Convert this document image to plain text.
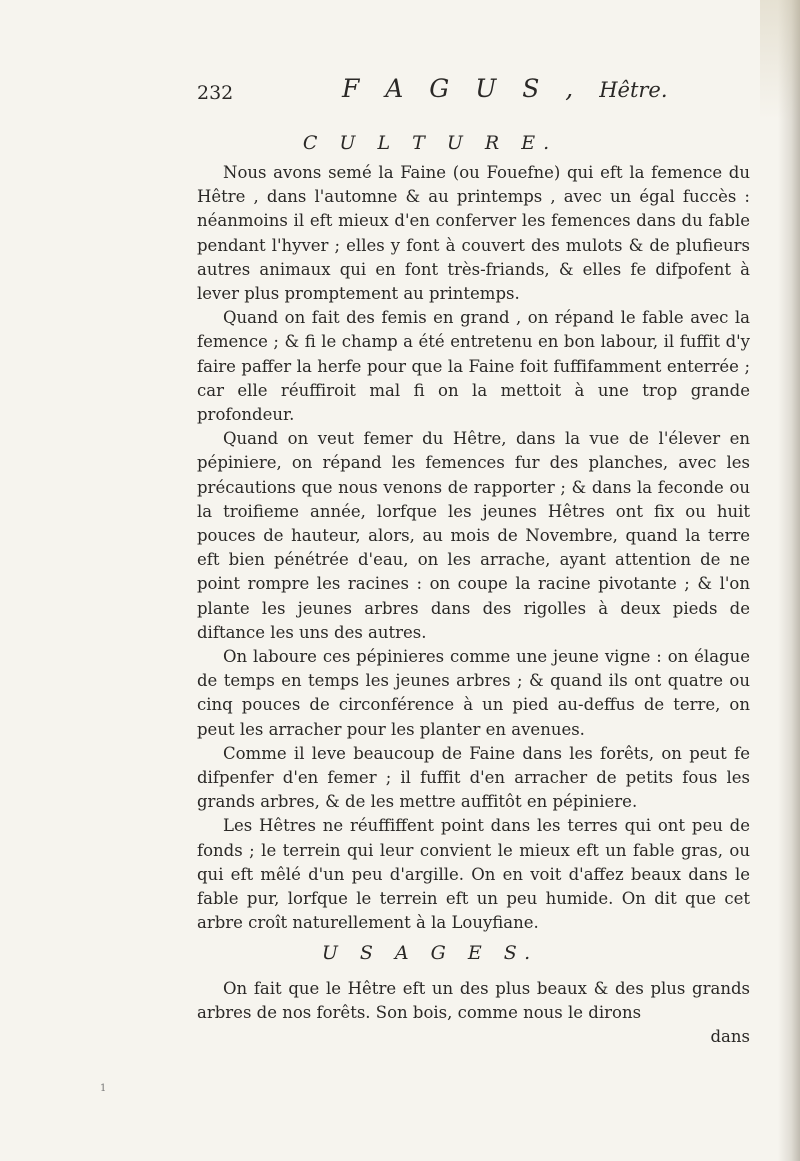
232	F A G U S , Hêtre.
C U L T U R E.

Nous avons semé la Faine (ou Fouefne) qui eft la femence du Hêtre , dans l'automne & au printemps , avec un égal fuccès : néanmoins il eft mieux d'en conferver les femences dans du fable pendant l'hyver ; elles y font à couvert des mulots & de plufieurs autres animaux qui en font très-friands, & elles fe difpofent à lever plus promptement au printemps.

Quand on fait des femis en grand , on répand le fable avec la femence ; & fi le champ a été entretenu en bon labour, il fuffit d'y faire paffer la herfe pour que la Faine foit fuffifamment enterrée ; car elle réuffiroit mal fi on la mettoit à une trop grande profondeur.

Quand on veut femer du Hêtre, dans la vue de l'élever en pépiniere, on répand les femences fur des planches, avec les précautions que nous venons de rapporter ; & dans la feconde ou la troifieme année, lorfque les jeunes Hêtres ont fix ou huit pouces de hauteur, alors, au mois de Novembre, quand la terre eft bien pénétrée d'eau, on les arrache, ayant attention de ne point rompre les racines : on coupe la racine pivotante ; & l'on plante les jeunes arbres dans des rigolles à deux pieds de diftance les uns des autres.

On laboure ces pépinieres comme une jeune vigne : on élague de temps en temps les jeunes arbres ; & quand ils ont quatre ou cinq pouces de circonférence à un pied au-deffus de terre, on peut les arracher pour les planter en avenues.

Comme il leve beaucoup de Faine dans les forêts, on peut fe difpenfer d'en femer ; il fuffit d'en arracher de petits fous les grands arbres, & de les mettre auffitôt en pépiniere.

Les Hêtres ne réuffiffent point dans les terres qui ont peu de fonds ; le terrein qui leur convient le mieux eft un fable gras, ou qui eft mêlé d'un peu d'argille. On en voit d'affez beaux dans le fable pur, lorfque le terrein eft un peu humide. On dit que cet arbre croît naturellement à la Louyfiane.

U S A G E S.

On fait que le Hêtre eft un des plus beaux & des plus grands arbres de nos forêts. Son bois, comme nous le dirons

dans
1
